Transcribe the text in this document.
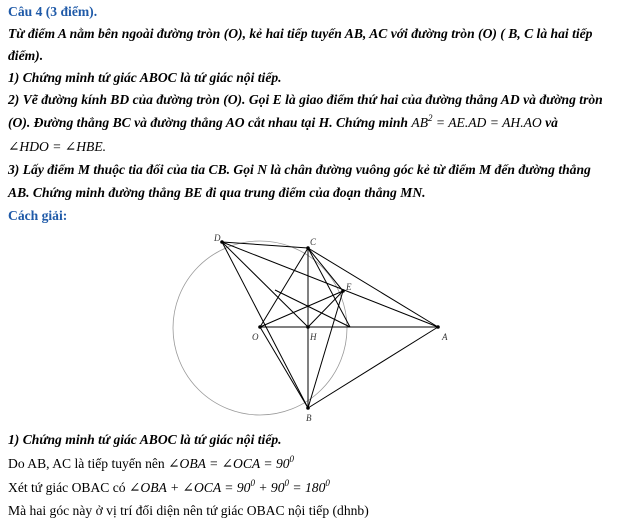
Câu 4 (3 điểm).
Từ điểm A nằm bên ngoài đường tròn (O), kẻ hai tiếp tuyến AB, AC với đường tròn (O) ( B, C là hai tiếp
điểm).
1) Chứng minh tứ giác ABOC là tứ giác nội tiếp.
2) Vẽ đường kính BD của đường tròn (O). Gọi E là giao điểm thứ hai của đường thẳng AD và đường tròn
(O). Đường thẳng BC và đường thẳng AO cắt nhau tại H. Chứng minh $AB^2 = AE.AD = AH.AO$ và
∠HDO = ∠HBE.
3) Lấy điểm M thuộc tia đối của tia CB. Gọi N là chân đường vuông góc kẻ từ điểm M đến đường thẳng
AB. Chứng minh đường thẳng BE đi qua trung điểm của đoạn thẳng MN.
Cách giải:
D	C
E
O	H	A
B
1) Chứng minh tứ giác ABOC là tứ giác nội tiếp.
Do AB, AC là tiếp tuyến nên ∠OBA = ∠OCA = $90^0$
Xét tứ giác OBAC có ∠OBA + ∠OCA = $90^0 + 90^0 = 180^0$
Mà hai góc này ở vị trí đối diện nên tứ giác OBAC nội tiếp (dhnb)
